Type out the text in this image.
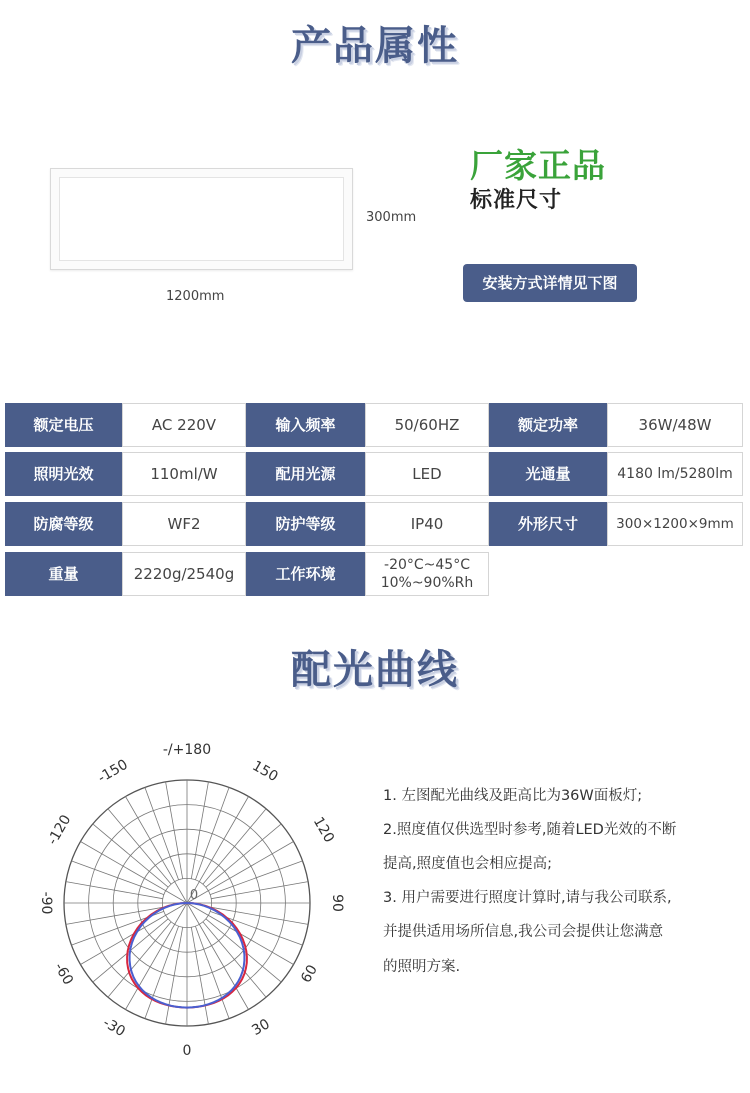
产品属性
300mm
1200mm
厂家正品
标准尺寸
安装方式详情见下图
额定电压	AC 220V	输入频率	50/60HZ	额定功率	36W/48W
照明光效	110ml/W	配用光源	LED	光通量	4180 lm/5280lm
防腐等级	WF2	防护等级	IP40	外形尺寸	300×1200×9mm
重量	2220g/2540g	工作环境	-20°C~45°C
10%~90%Rh
配光曲线
-/+180
-150	150
-120	120
-90	90
-60	60
-30	30
0
0
1. 左图配光曲线及距高比为36W面板灯;
2.照度值仅供选型时参考,随着LED光效的不断
提高,照度值也会相应提高;
3. 用户需要进行照度计算时,请与我公司联系,
并提供适用场所信息,我公司会提供让您满意
的照明方案.
